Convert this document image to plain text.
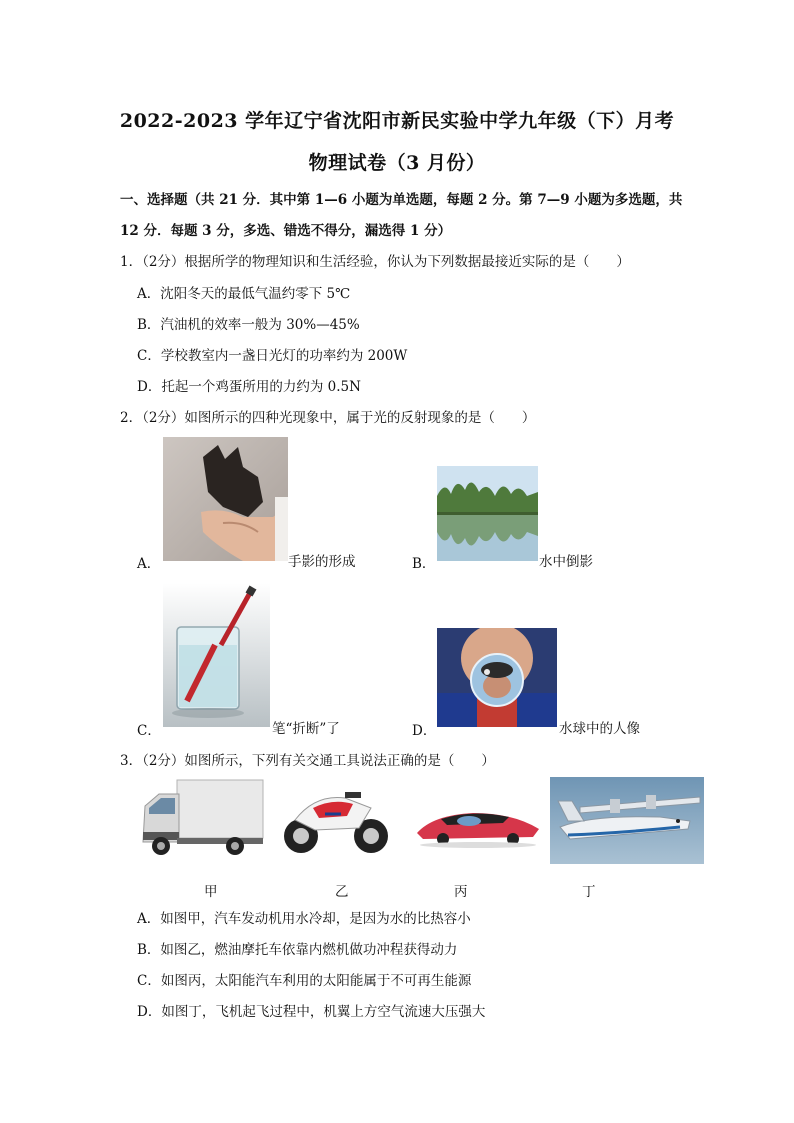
2022-2023 学年辽宁省沈阳市新民实验中学九年级（下）月考
物理试卷（3 月份）
一、选择题（共 21 分．其中第 1—6 小题为单选题，每题 2 分。第 7—9 小题为多选题，共
12 分．每题 3 分，多选、错选不得分，漏选得 1 分）
1．（2分）根据所学的物理知识和生活经验，你认为下列数据最接近实际的是（　　）
A．沈阳冬天的最低气温约零下 5℃
B．汽油机的效率一般为 30%—45%
C．学校教室内一盏日光灯的功率约为 200W
D．托起一个鸡蛋所用的力约为 0.5N
2．（2分）如图所示的四种光现象中，属于光的反射现象的是（　　）
A．	手影的形成	B．	水中倒影
C．	笔“折断”了	D．	水球中的人像
3．（2分）如图所示，下列有关交通工具说法正确的是（　　）
甲	乙	丙	丁
A．如图甲，汽车发动机用水冷却，是因为水的比热容小
B．如图乙，燃油摩托车依靠内燃机做功冲程获得动力
C．如图丙，太阳能汽车利用的太阳能属于不可再生能源
D．如图丁，飞机起飞过程中，机翼上方空气流速大压强大
